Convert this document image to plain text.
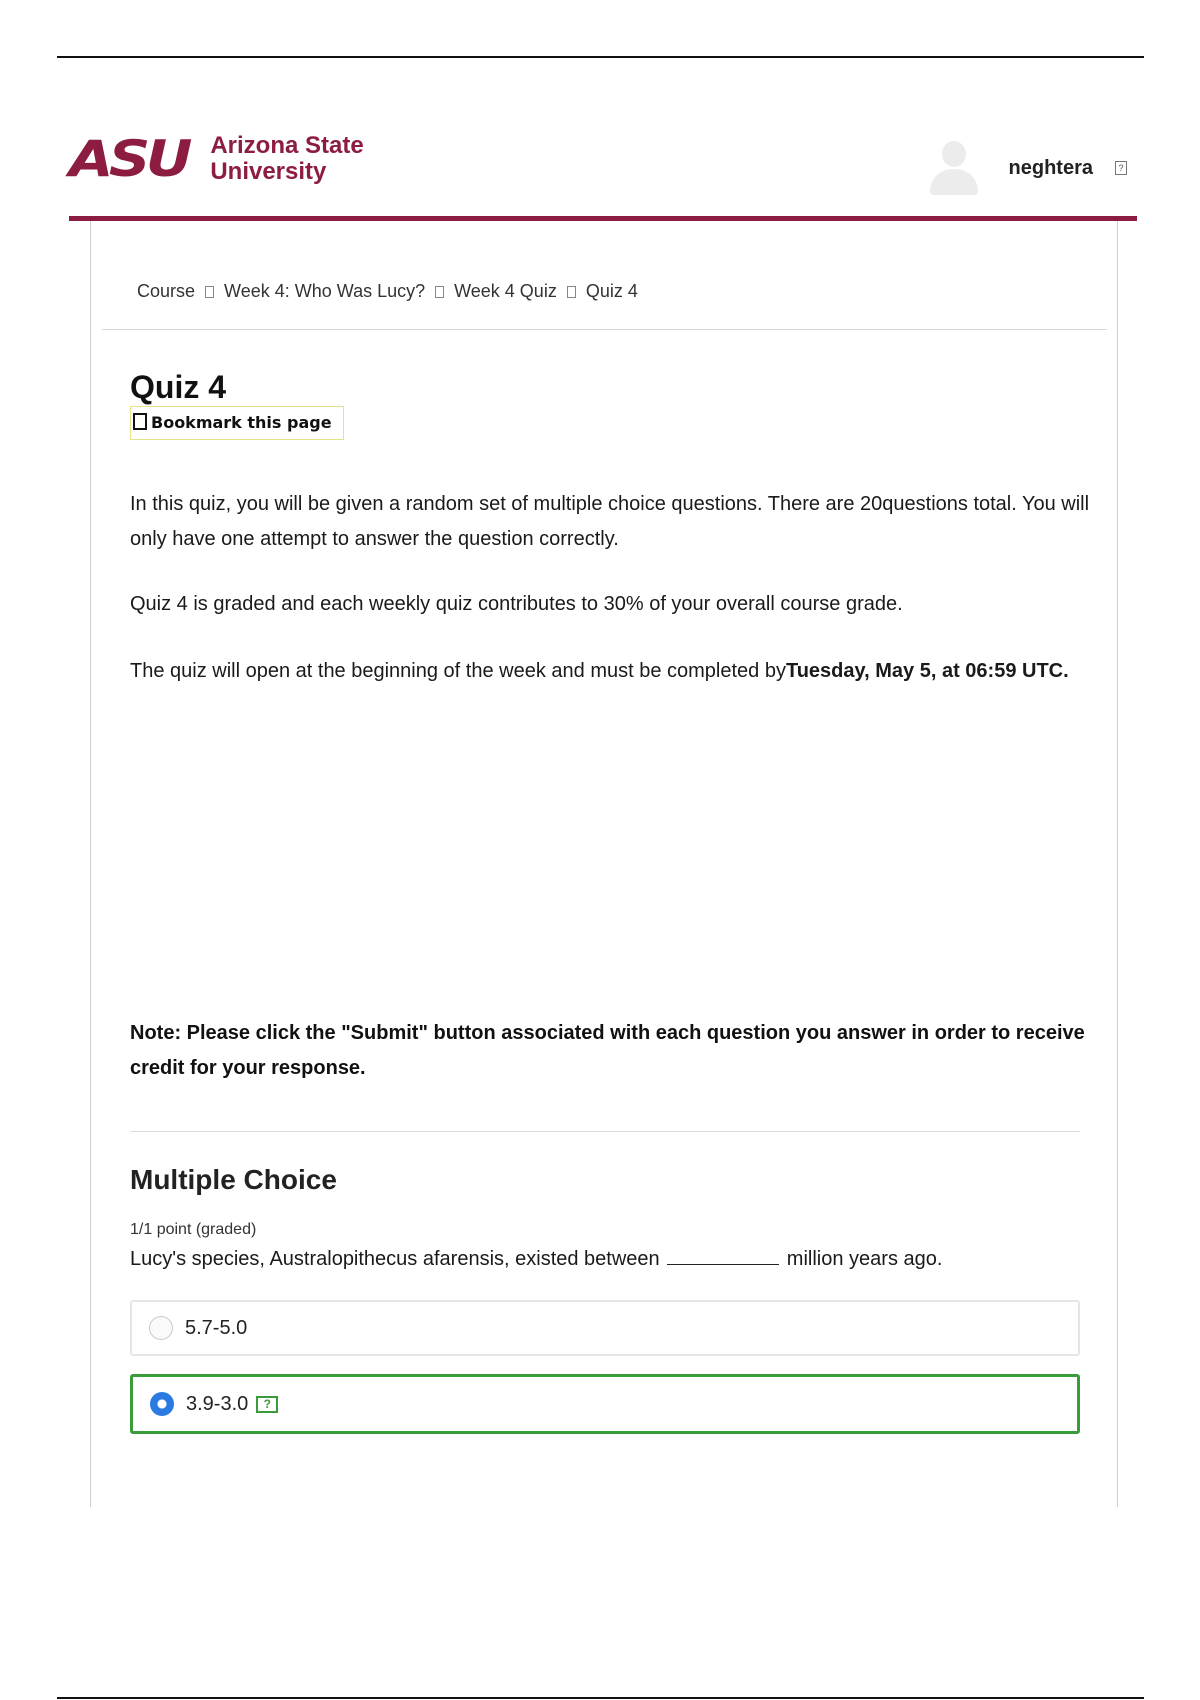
ASU Arizona State
University	neghtera	?
Course Week 4: Who Was Lucy? Week 4 Quiz Quiz 4
Quiz 4
Bookmark this page

In this quiz, you will be given a random set of multiple choice questions. There are 20questions total. You will only have one attempt to answer the question correctly.

Quiz 4 is graded and each weekly quiz contributes to 30% of your overall course grade.

The quiz will open at the beginning of the week and must be completed byTuesday, May 5, at 06:59 UTC.

Note: Please click the "Submit" button associated with each question you answer in order to receive credit for your response.

Multiple Choice
1/1 point (graded)
Lucy's species, Australopithecus afarensis, existed between	million years ago.
5.7-5.0
3.9-3.0	?
